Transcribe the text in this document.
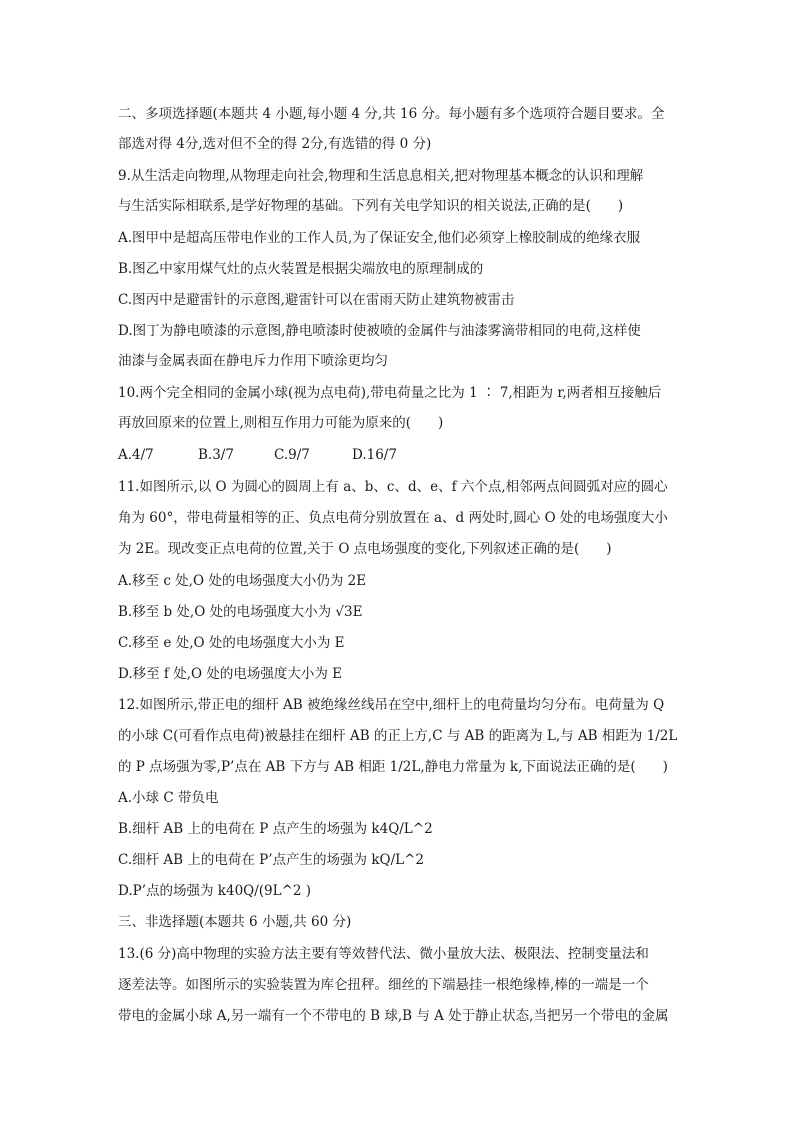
二、多项选择题(本题共 4 小题,每小题 4 分,共 16 分。每小题有多个选项符合题目要求。全
部选对得 4分,选对但不全的得 2分,有选错的得 0 分)
9.从生活走向物理,从物理走向社会,物理和生活息息相关,把对物理基本概念的认识和理解
与生活实际相联系,是学好物理的基础。下列有关电学知识的相关说法,正确的是(　　)
A.图甲中是超高压带电作业的工作人员,为了保证安全,他们必须穿上橡胶制成的绝缘衣服
B.图乙中家用煤气灶的点火装置是根据尖端放电的原理制成的
C.图丙中是避雷针的示意图,避雷针可以在雷雨天防止建筑物被雷击
D.图丁为静电喷漆的示意图,静电喷漆时使被喷的金属件与油漆雾滴带相同的电荷,这样使
油漆与金属表面在静电斥力作用下喷涂更均匀
10.两个完全相同的金属小球(视为点电荷),带电荷量之比为 1 ∶ 7,相距为 r,两者相互接触后
再放回原来的位置上,则相互作用力可能为原来的(　　)
A.4/7	B.3/7	C.9/7	D.16/7
11.如图所示,以 O 为圆心的圆周上有 a、b、c、d、e、f 六个点,相邻两点间圆弧对应的圆心
角为 60°，带电荷量相等的正、负点电荷分别放置在 a、d 两处时,圆心 O 处的电场强度大小
为 2E。现改变正点电荷的位置,关于 O 点电场强度的变化,下列叙述正确的是(　　)
A.移至 c 处,O 处的电场强度大小仍为 2E
B.移至 b 处,O 处的电场强度大小为 √3E
C.移至 e 处,O 处的电场强度大小为 E
D.移至 f 处,O 处的电场强度大小为 E
12.如图所示,带正电的细杆 AB 被绝缘丝线吊在空中,细杆上的电荷量均匀分布。电荷量为 Q
的小球 C(可看作点电荷)被悬挂在细杆 AB 的正上方,C 与 AB 的距离为 L,与 AB 相距为 1/2L
的 P 点场强为零,P’点在 AB 下方与 AB 相距 1/2L,静电力常量为 k,下面说法正确的是(　　)
A.小球 C 带负电
B.细杆 AB 上的电荷在 P 点产生的场强为 k4Q/L^2
C.细杆 AB 上的电荷在 P’点产生的场强为 kQ/L^2
D.P’点的场强为 k40Q/(9L^2 )
三、非选择题(本题共 6 小题,共 60 分)
13.(6 分)高中物理的实验方法主要有等效替代法、微小量放大法、极限法、控制变量法和
逐差法等。如图所示的实验装置为库仑扭秤。细丝的下端悬挂一根绝缘棒,棒的一端是一个
带电的金属小球 A,另一端有一个不带电的 B 球,B 与 A 处于静止状态,当把另一个带电的金属
